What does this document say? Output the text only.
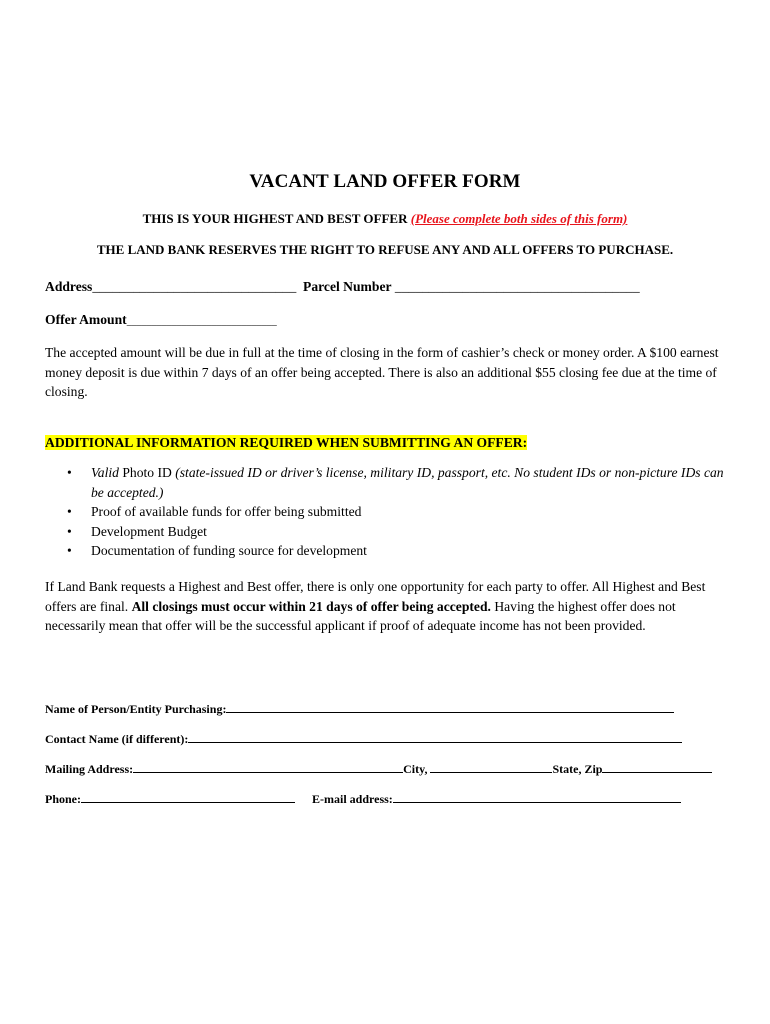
VACANT LAND OFFER FORM
THIS IS YOUR HIGHEST AND BEST OFFER (Please complete both sides of this form)
THE LAND BANK RESERVES THE RIGHT TO REFUSE ANY AND ALL OFFERS TO PURCHASE.
Address______________________________ Parcel Number ____________________________________
Offer Amount______________________________
The accepted amount will be due in full at the time of closing in the form of cashier’s check or money order. A $100 earnest money deposit is due within 7 days of an offer being accepted. There is also an additional $55 closing fee due at the time of closing.
ADDITIONAL INFORMATION REQUIRED WHEN SUBMITTING AN OFFER:
• Valid Photo ID (state-issued ID or driver’s license, military ID, passport, etc. No student IDs or non-picture IDs can be accepted.)
• Proof of available funds for offer being submitted
• Development Budget
• Documentation of funding source for development
If Land Bank requests a Highest and Best offer, there is only one opportunity for each party to offer. All Highest and Best offers are final. All closings must occur within 21 days of offer being accepted. Having the highest offer does not necessarily mean that offer will be the successful applicant if proof of adequate income has not been provided.
Name of Person/Entity Purchasing:
Contact Name (if different):
Mailing Address:	City,	State, Zip
Phone:	E-mail address:
